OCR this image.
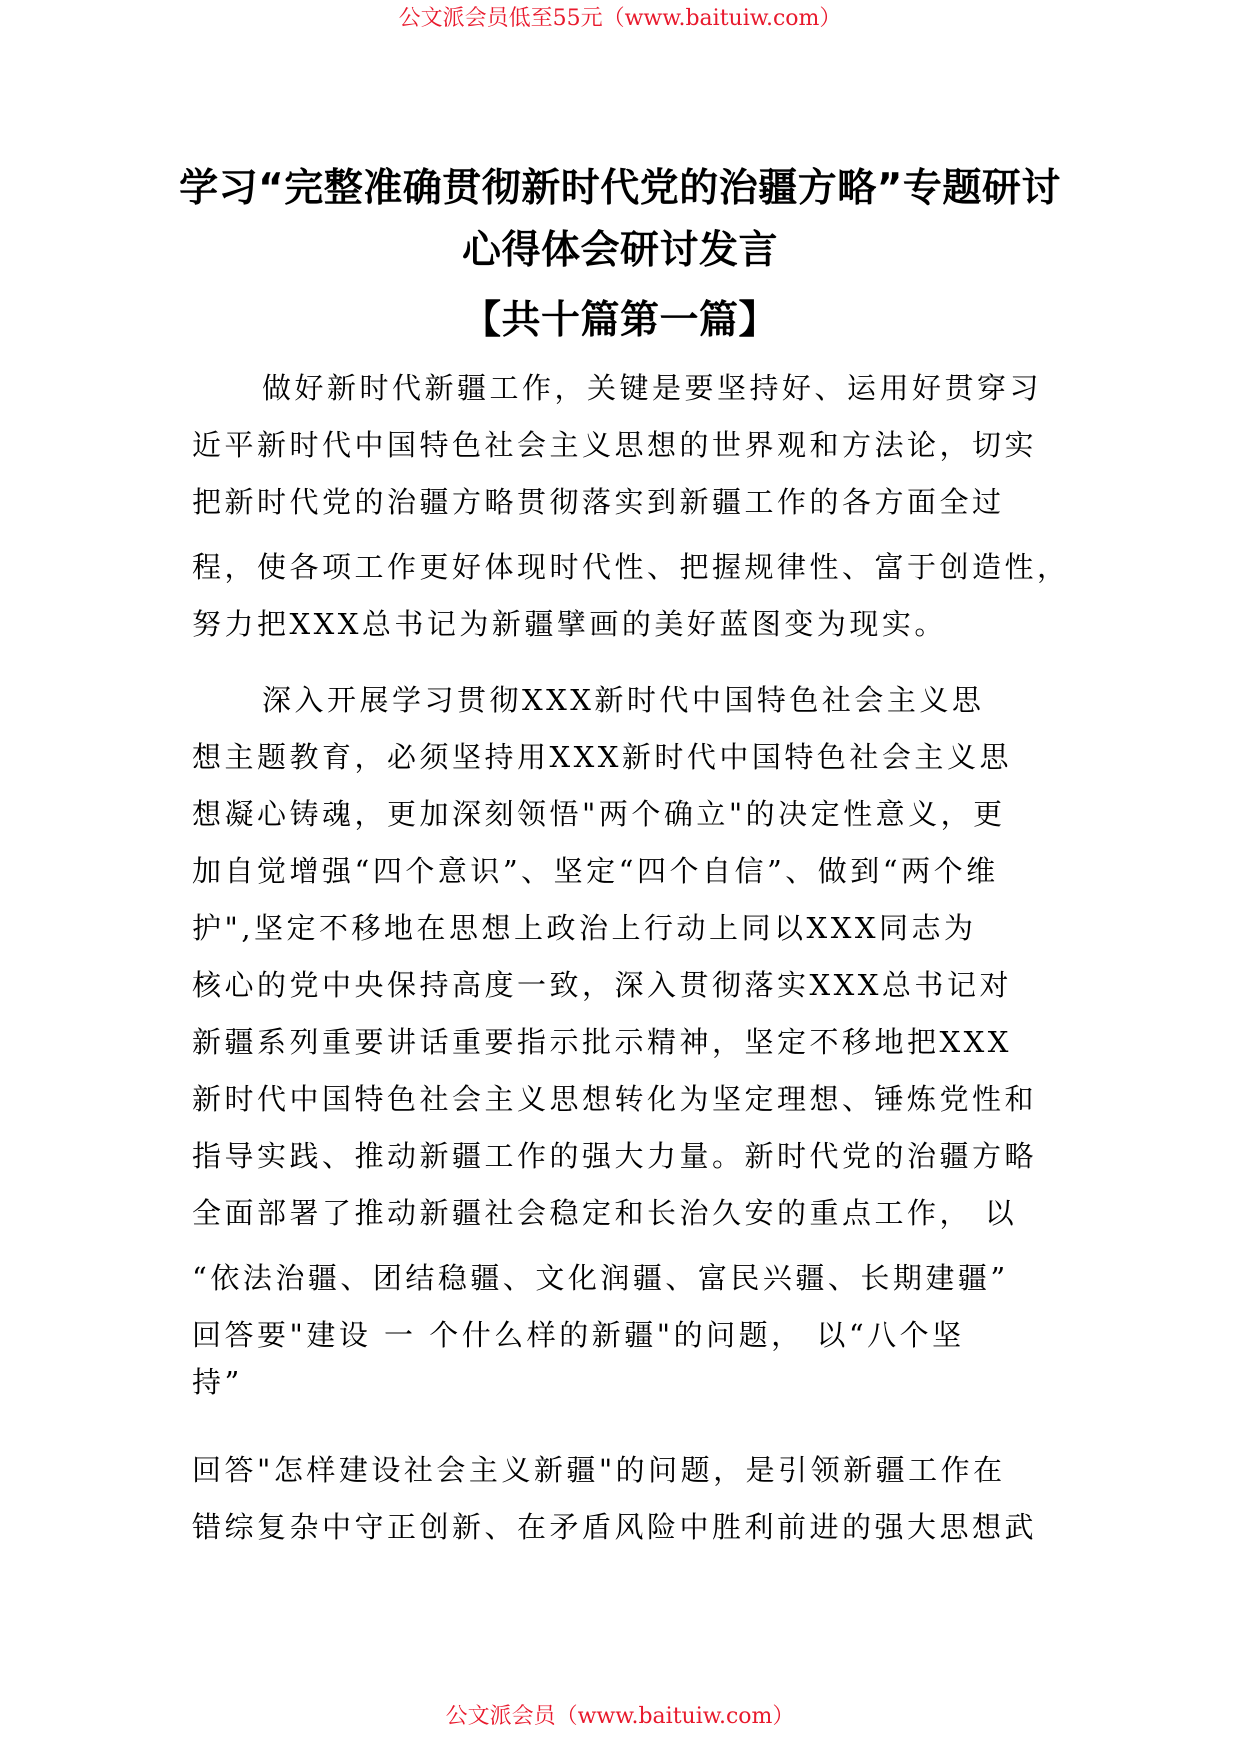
公文派会员低至55元（www.baituiw.com）
学习“完整准确贯彻新时代党的治疆方略”专题研讨
心得体会研讨发言
【共十篇第一篇】
做好新时代新疆工作，关键是要坚持好、运用好贯穿习
近平新时代中国特色社会主义思想的世界观和方法论，切实
把新时代党的治疆方略贯彻落实到新疆工作的各方面全过
程，使各项工作更好体现时代性、把握规律性、富于创造性，
努力把XXX总书记为新疆擘画的美好蓝图变为现实。
深入开展学习贯彻XXX新时代中国特色社会主义思
想主题教育，必须坚持用XXX新时代中国特色社会主义思
想凝心铸魂，更加深刻领悟"两个确立"的决定性意义，更
加自觉增强“四个意识”、坚定“四个自信”、做到“两个维
护",坚定不移地在思想上政治上行动上同以XXX同志为
核心的党中央保持高度一致，深入贯彻落实XXX总书记对
新疆系列重要讲话重要指示批示精神，坚定不移地把XXX
新时代中国特色社会主义思想转化为坚定理想、锤炼党性和
指导实践、推动新疆工作的强大力量。新时代党的治疆方略
全面部署了推动新疆社会稳定和长治久安的重点工作， 以
“依法治疆、团结稳疆、文化润疆、富民兴疆、长期建疆”
回答要"建设 一 个什么样的新疆"的问题， 以“八个坚
持”
回答"怎样建设社会主义新疆"的问题，是引领新疆工作在
错综复杂中守正创新、在矛盾风险中胜利前进的强大思想武
公文派会员（www.baituiw.com）
